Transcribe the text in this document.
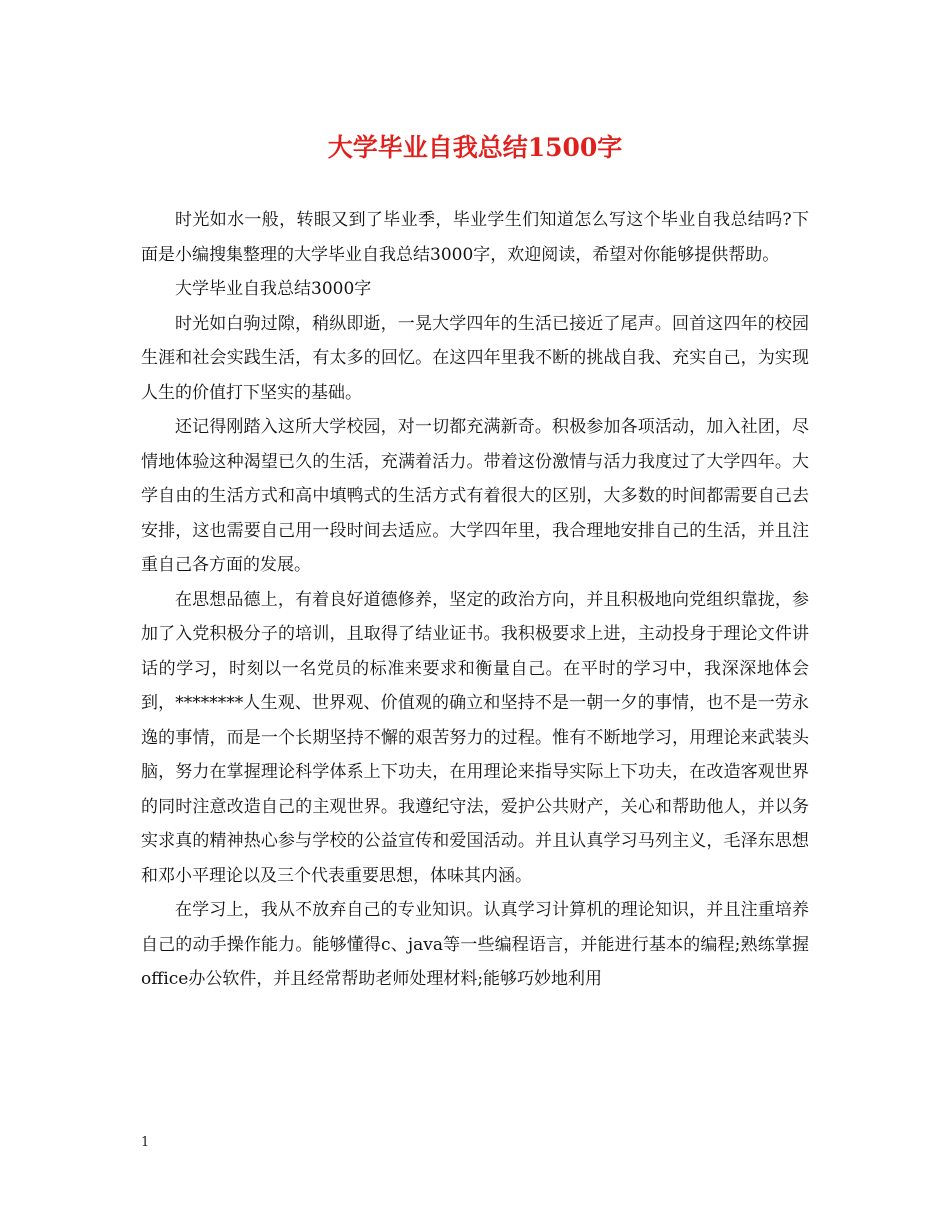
大学毕业自我总结1500字

时光如水一般，转眼又到了毕业季，毕业学生们知道怎么写这个毕业自我总结吗?下面是小编搜集整理的大学毕业自我总结3000字，欢迎阅读，希望对你能够提供帮助。

大学毕业自我总结3000字

时光如白驹过隙，稍纵即逝，一晃大学四年的生活已接近了尾声。回首这四年的校园生涯和社会实践生活，有太多的回忆。在这四年里我不断的挑战自我、充实自己，为实现人生的价值打下坚实的基础。

还记得刚踏入这所大学校园，对一切都充满新奇。积极参加各项活动，加入社团，尽情地体验这种渴望已久的生活，充满着活力。带着这份激情与活力我度过了大学四年。大学自由的生活方式和高中填鸭式的生活方式有着很大的区别，大多数的时间都需要自己去安排，这也需要自己用一段时间去适应。大学四年里，我合理地安排自己的生活，并且注重自己各方面的发展。

在思想品德上，有着良好道德修养，坚定的政治方向，并且积极地向党组织靠拢，参加了入党积极分子的培训，且取得了结业证书。我积极要求上进，主动投身于理论文件讲话的学习，时刻以一名党员的标准来要求和衡量自己。在平时的学习中，我深深地体会到，********人生观、世界观、价值观的确立和坚持不是一朝一夕的事情，也不是一劳永逸的事情，而是一个长期坚持不懈的艰苦努力的过程。惟有不断地学习，用理论来武装头脑，努力在掌握理论科学体系上下功夫，在用理论来指导实际上下功夫，在改造客观世界的同时注意改造自己的主观世界。我遵纪守法，爱护公共财产，关心和帮助他人，并以务实求真的精神热心参与学校的公益宣传和爱国活动。并且认真学习马列主义，毛泽东思想和邓小平理论以及三个代表重要思想，体味其内涵。

在学习上，我从不放弃自己的专业知识。认真学习计算机的理论知识，并且注重培养自己的动手操作能力。能够懂得c、java等一些编程语言，并能进行基本的编程;熟练掌握office办公软件，并且经常帮助老师处理材料;能够巧妙地利用

1
